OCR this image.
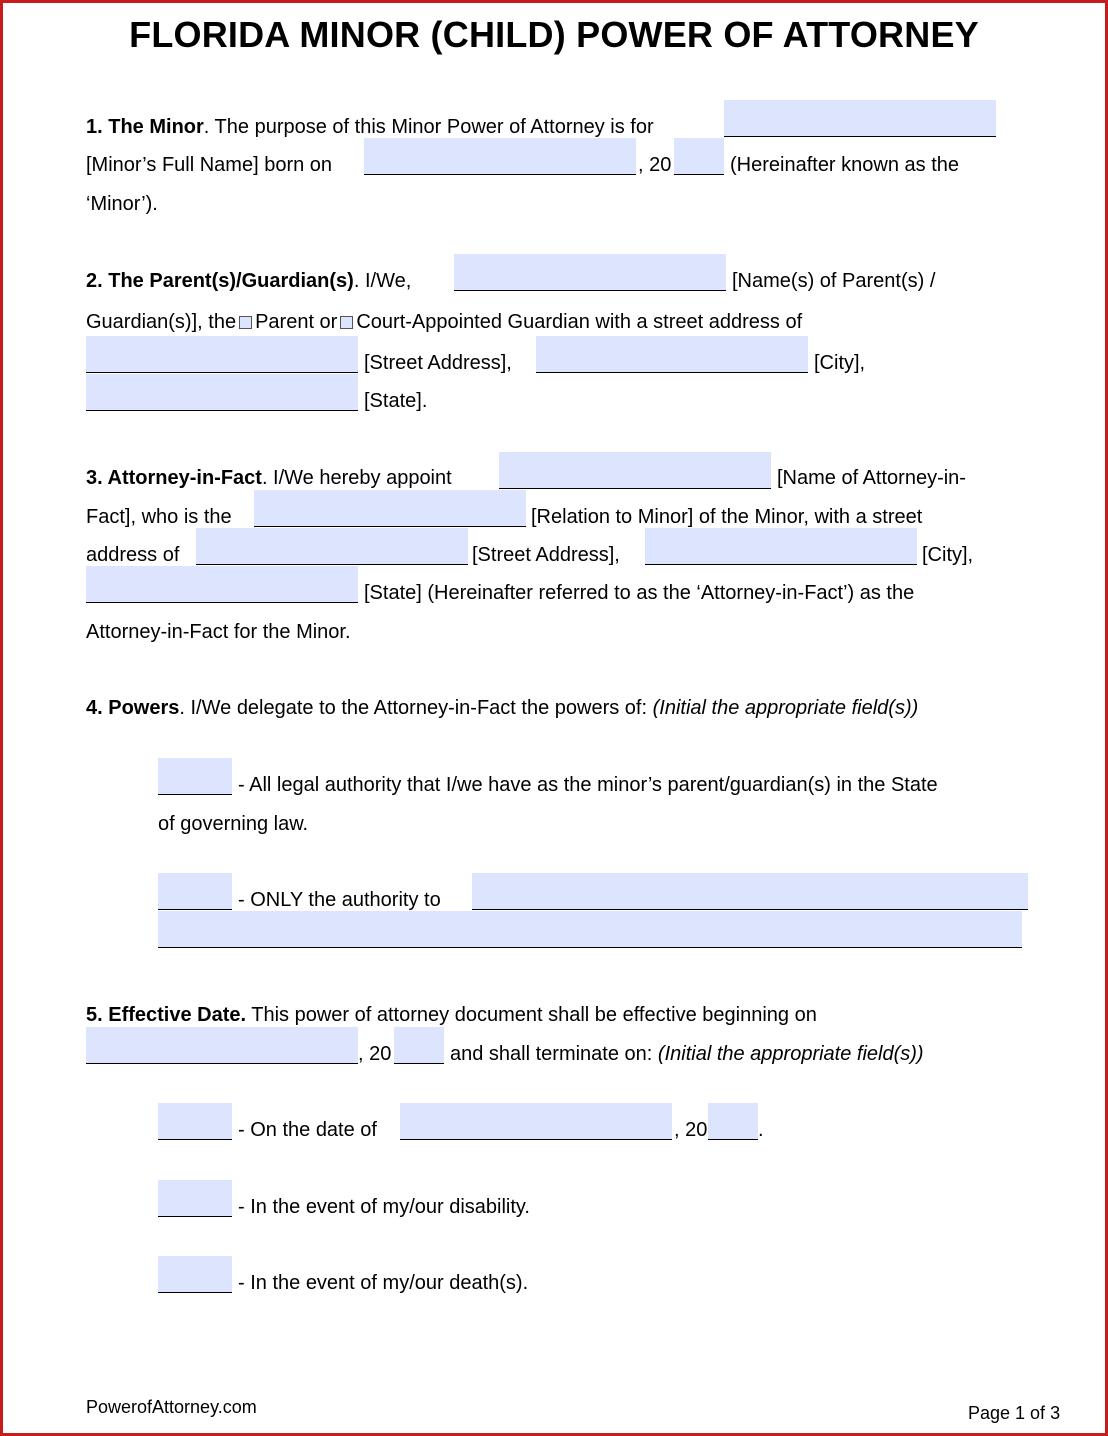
FLORIDA MINOR (CHILD) POWER OF ATTORNEY
1. The Minor. The purpose of this Minor Power of Attorney is for
[Minor’s Full Name] born on	, 20	(Hereinafter known as the
‘Minor’).
2. The Parent(s)/Guardian(s). I/We,	[Name(s) of Parent(s) /
Guardian(s)], the Parent or Court-Appointed Guardian with a street address of
[Street Address],	[City],
[State].
3. Attorney-in-Fact. I/We hereby appoint	[Name of Attorney-in-
Fact], who is the	[Relation to Minor] of the Minor, with a street
address of	[Street Address],	[City],
[State] (Hereinafter referred to as the ‘Attorney-in-Fact’) as the
Attorney-in-Fact for the Minor.
4. Powers. I/We delegate to the Attorney-in-Fact the powers of: (Initial the appropriate field(s))
- All legal authority that I/we have as the minor’s parent/guardian(s) in the State
of governing law.
- ONLY the authority to
5. Effective Date. This power of attorney document shall be effective beginning on
, 20	and shall terminate on: (Initial the appropriate field(s))
- On the date of	, 20	.
- In the event of my/our disability.
- In the event of my/our death(s).
PowerofAttorney.com	Page 1 of 3
